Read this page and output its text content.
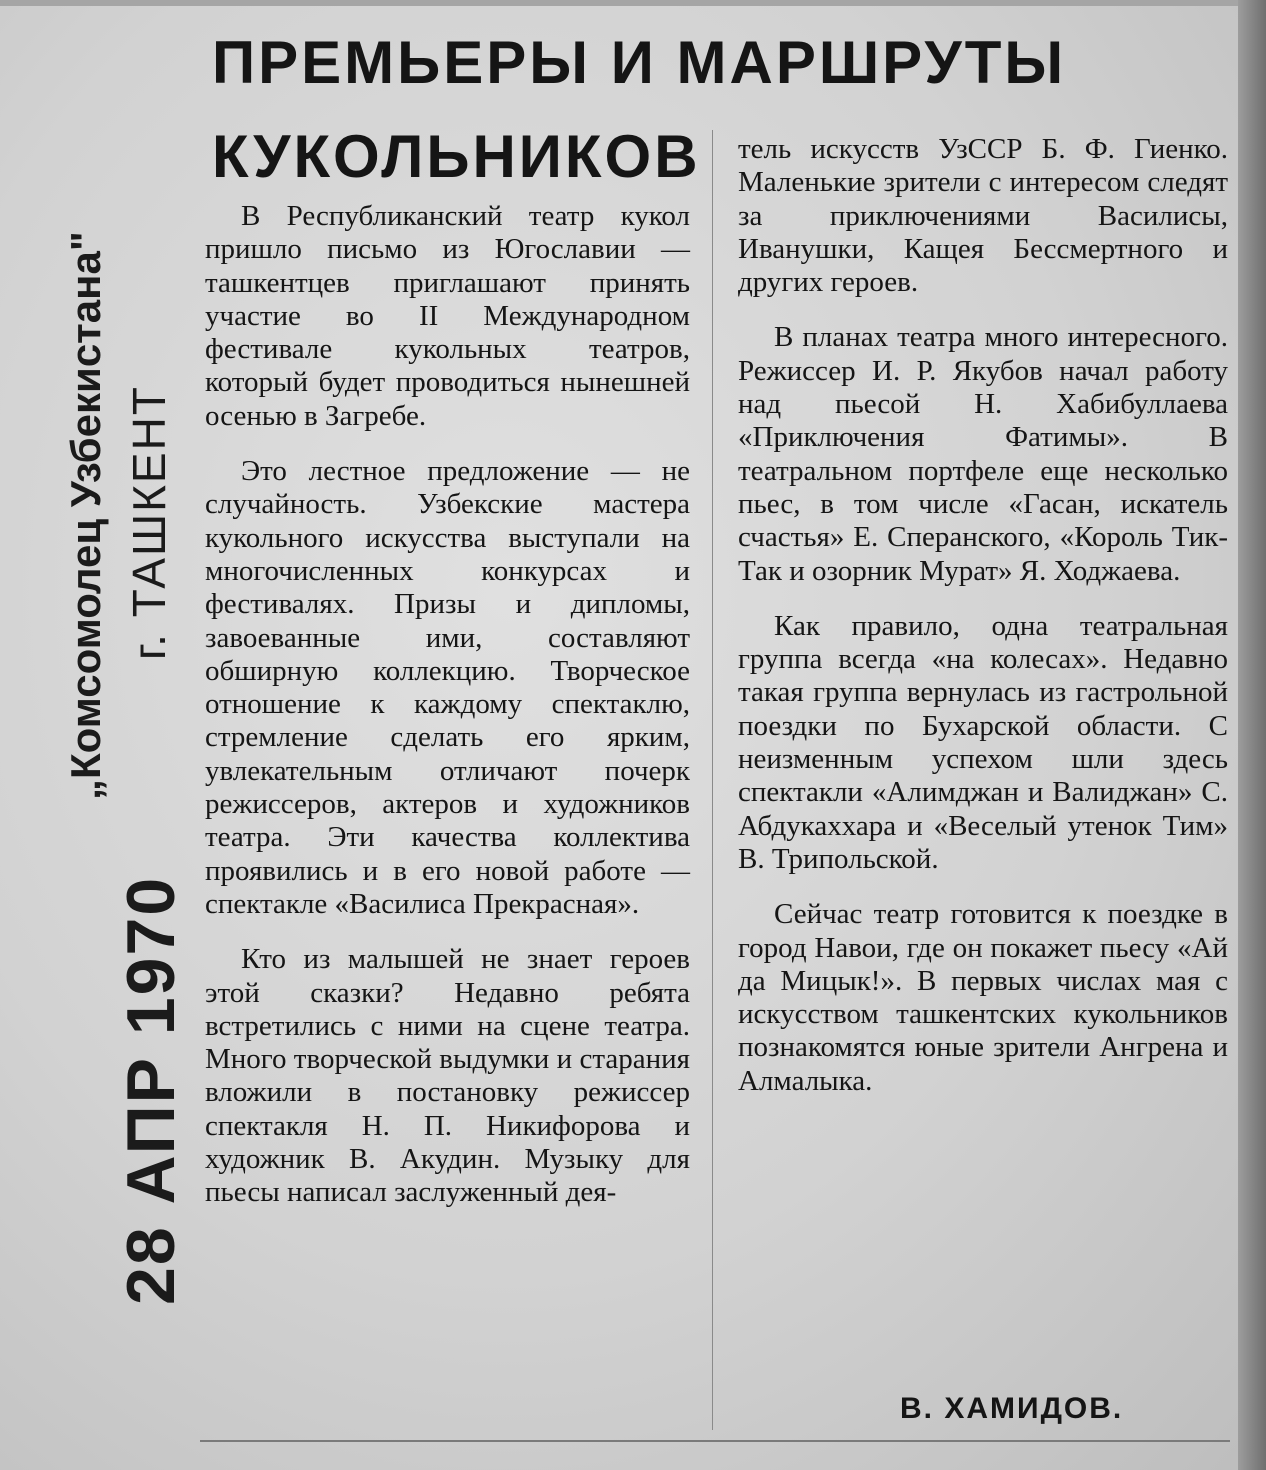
„Комсомолец Узбекистана" г. ТАШКЕНТ
28 АПР 1970
ПРЕМЬЕРЫ И МАРШРУТЫ
КУКОЛЬНИКОВ

В Республиканский театр кукол пришло письмо из Югославии — ташкентцев приглашают принять участие во II Международном фестивале кукольных театров, который будет проводиться нынешней осенью в Загребе.

Это лестное предложение — не случайность. Узбекские мастера кукольного искусства выступали на многочисленных конкурсах и фестивалях. Призы и дипломы, завоеванные ими, составляют обширную коллекцию. Творческое отношение к каждому спектаклю, стремление сделать его ярким, увлекательным отличают почерк режиссеров, актеров и художников театра. Эти качества коллектива проявились и в его новой работе — спектакле «Василиса Прекрасная».

Кто из малышей не знает героев этой сказки? Недавно ребята встретились с ними на сцене театра. Много творческой выдумки и старания вложили в постановку режиссер спектакля Н. П. Никифорова и художник В. Акудин. Музыку для пьесы написал заслуженный дея-

тель искусств УзССР Б. Ф. Гиенко. Маленькие зрители с интересом следят за приключениями Василисы, Иванушки, Кащея Бессмертного и других героев.

В планах театра много интересного. Режиссер И. Р. Якубов начал работу над пьесой Н. Хабибуллаева «Приключения Фатимы». В театральном портфеле еще несколько пьес, в том числе «Гасан, искатель счастья» Е. Сперанского, «Король Тик-Так и озорник Мурат» Я. Ходжаева.

Как правило, одна театральная группа всегда «на колесах». Недавно такая группа вернулась из гастрольной поездки по Бухарской области. С неизменным успехом шли здесь спектакли «Алимджан и Валиджан» С. Абдукаххара и «Веселый утенок Тим» В. Трипольской.

Сейчас театр готовится к поездке в город Навои, где он покажет пьесу «Ай да Мицык!». В первых числах мая с искусством ташкентских кукольников познакомятся юные зрители Ангрена и Алмалыка.

В. ХАМИДОВ.
